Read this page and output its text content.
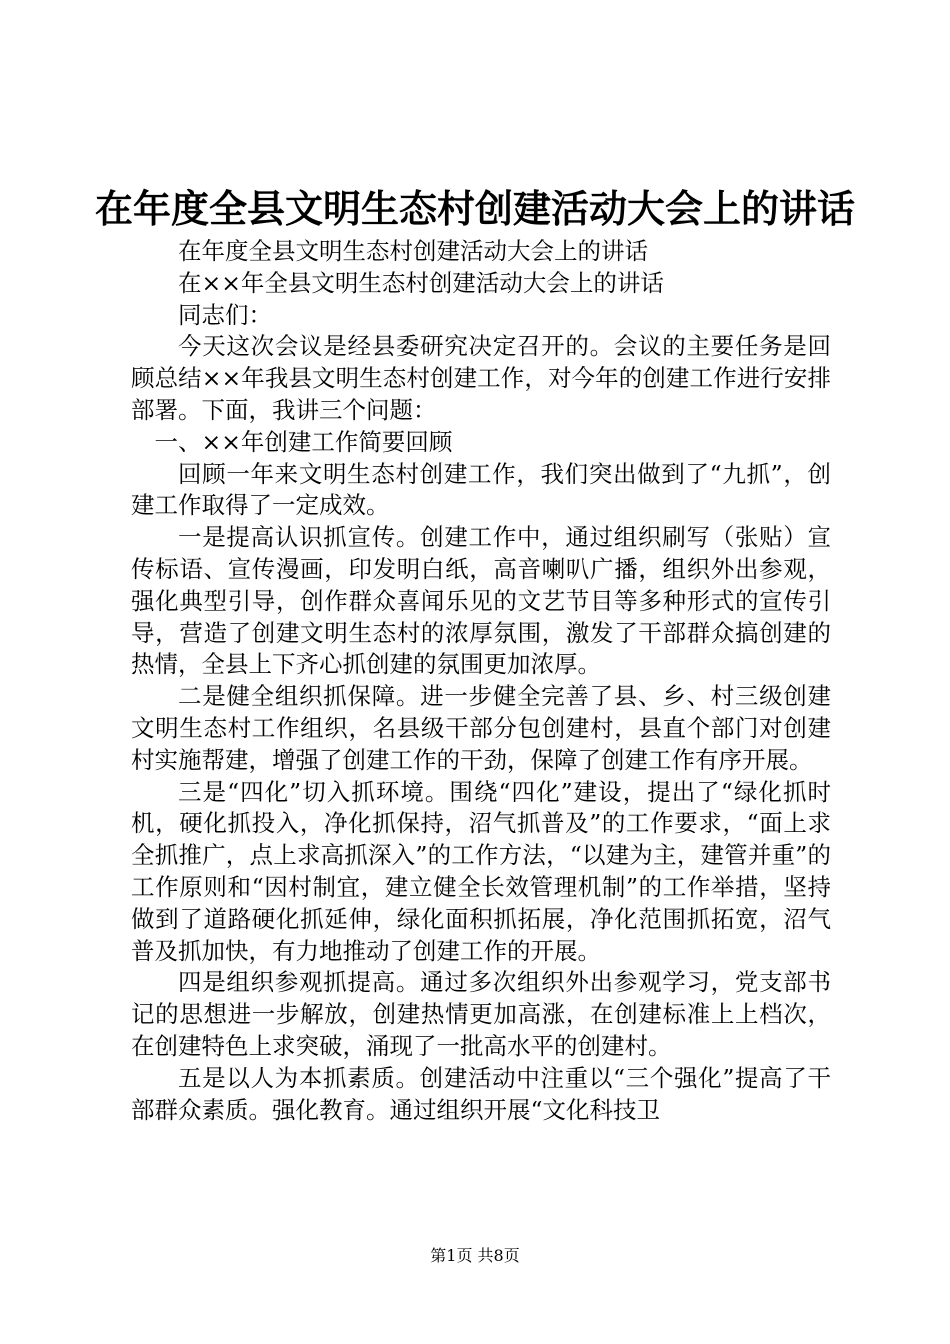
在年度全县文明生态村创建活动大会上的讲话

在年度全县文明生态村创建活动大会上的讲话

在××年全县文明生态村创建活动大会上的讲话

同志们：

今天这次会议是经县委研究决定召开的。会议的主要任务是回顾总结××年我县文明生态村创建工作，对今年的创建工作进行安排部署。下面，我讲三个问题：

一、××年创建工作简要回顾

回顾一年来文明生态村创建工作，我们突出做到了“九抓”，创建工作取得了一定成效。

一是提高认识抓宣传。创建工作中，通过组织刷写（张贴）宣传标语、宣传漫画，印发明白纸，高音喇叭广播，组织外出参观，强化典型引导，创作群众喜闻乐见的文艺节目等多种形式的宣传引导，营造了创建文明生态村的浓厚氛围，激发了干部群众搞创建的热情，全县上下齐心抓创建的氛围更加浓厚。

二是健全组织抓保障。进一步健全完善了县、乡、村三级创建文明生态村工作组织，名县级干部分包创建村，县直个部门对创建村实施帮建，增强了创建工作的干劲，保障了创建工作有序开展。

三是“四化”切入抓环境。围绕“四化”建设，提出了“绿化抓时机，硬化抓投入，净化抓保持，沼气抓普及”的工作要求，“面上求全抓推广，点上求高抓深入”的工作方法，“以建为主，建管并重”的工作原则和“因村制宜，建立健全长效管理机制”的工作举措，坚持做到了道路硬化抓延伸，绿化面积抓拓展，净化范围抓拓宽，沼气普及抓加快，有力地推动了创建工作的开展。

四是组织参观抓提高。通过多次组织外出参观学习，党支部书记的思想进一步解放，创建热情更加高涨，在创建标准上上档次，在创建特色上求突破，涌现了一批高水平的创建村。

五是以人为本抓素质。创建活动中注重以“三个强化”提高了干部群众素质。强化教育。通过组织开展“文化科技卫

第1页 共8页
